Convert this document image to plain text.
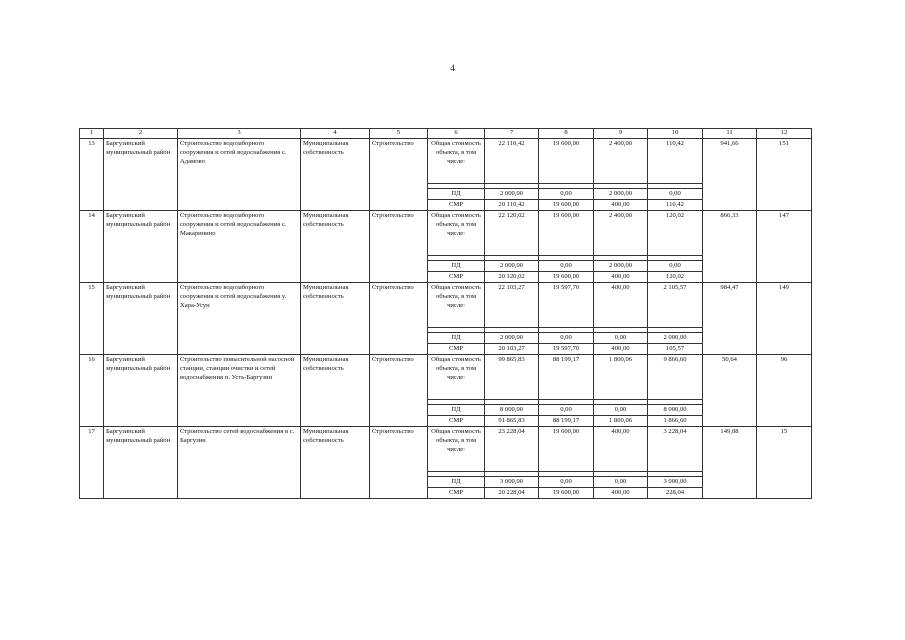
4
1	2	3	4	5	6	7	8	9	10	11	12
13	Баргузинский муниципальный район	Строительство водозаборного сооружения и сетей водоснабжения с. Адамово	Муниципальная собственность	Строительство	Общая стоимость объекта, в том числе:	22 110,42	19 600,00	2 400,00	110,42	941,66	151

					ПД	2 000,00	0,00	2 000,00	0,00		
					СМР	20 110,42	19 600,00	400,00	110,42		
14	Баргузинский муниципальный район	Строительство водозаборного сооружения и сетей водоснабжения с. Макаринино	Муниципальная собственность	Строительство	Общая стоимость объекта, в том числе:	22 120,02	19 600,00	2 400,00	120,02	866,33	147

					ПД	2 000,00	0,00	2 000,00	0,00		
					СМР	20 120,02	19 600,00	400,00	120,02		
15	Баргузинский муниципальный район	Строительство водозаборного сооружения и сетей водоснабжения у. Хара-Усун	Муниципальная собственность	Строительство	Общая стоимость объекта, в том числе:	22 103,27	19 597,70	400,00	2 105,57	984,47	149

					ПД	2 000,00	0,00	0,00	2 000,00		
					СМР	20 103,27	19 597,70	400,00	105,57		
16	Баргузинский муниципальный район	Строительство повысительной насосной станции, станции очистки и сетей водоснабжения п. Усть-Баргузин	Муниципальная собственность	Строительство	Общая стоимость объекта, в том числе:	99 865,83	88 199,17	1 800,06	9 866,60	50,64	96

					ПД	8 000,00	0,00	0,00	8 000,00		
					СМР	91 865,83	88 199,17	1 800,06	1 866,60		
17	Баргузинский муниципальный район	Строительство сетей водоснабжения в с. Баргузин	Муниципальная собственность	Строительство	Общая стоимость объекта, в том числе:	23 228,04	19 600,00	400,00	3 228,04	149,08	15

					ПД	3 000,00	0,00	0,00	3 000,00		
					СМР	20 228,04	19 600,00	400,00	228,04		
